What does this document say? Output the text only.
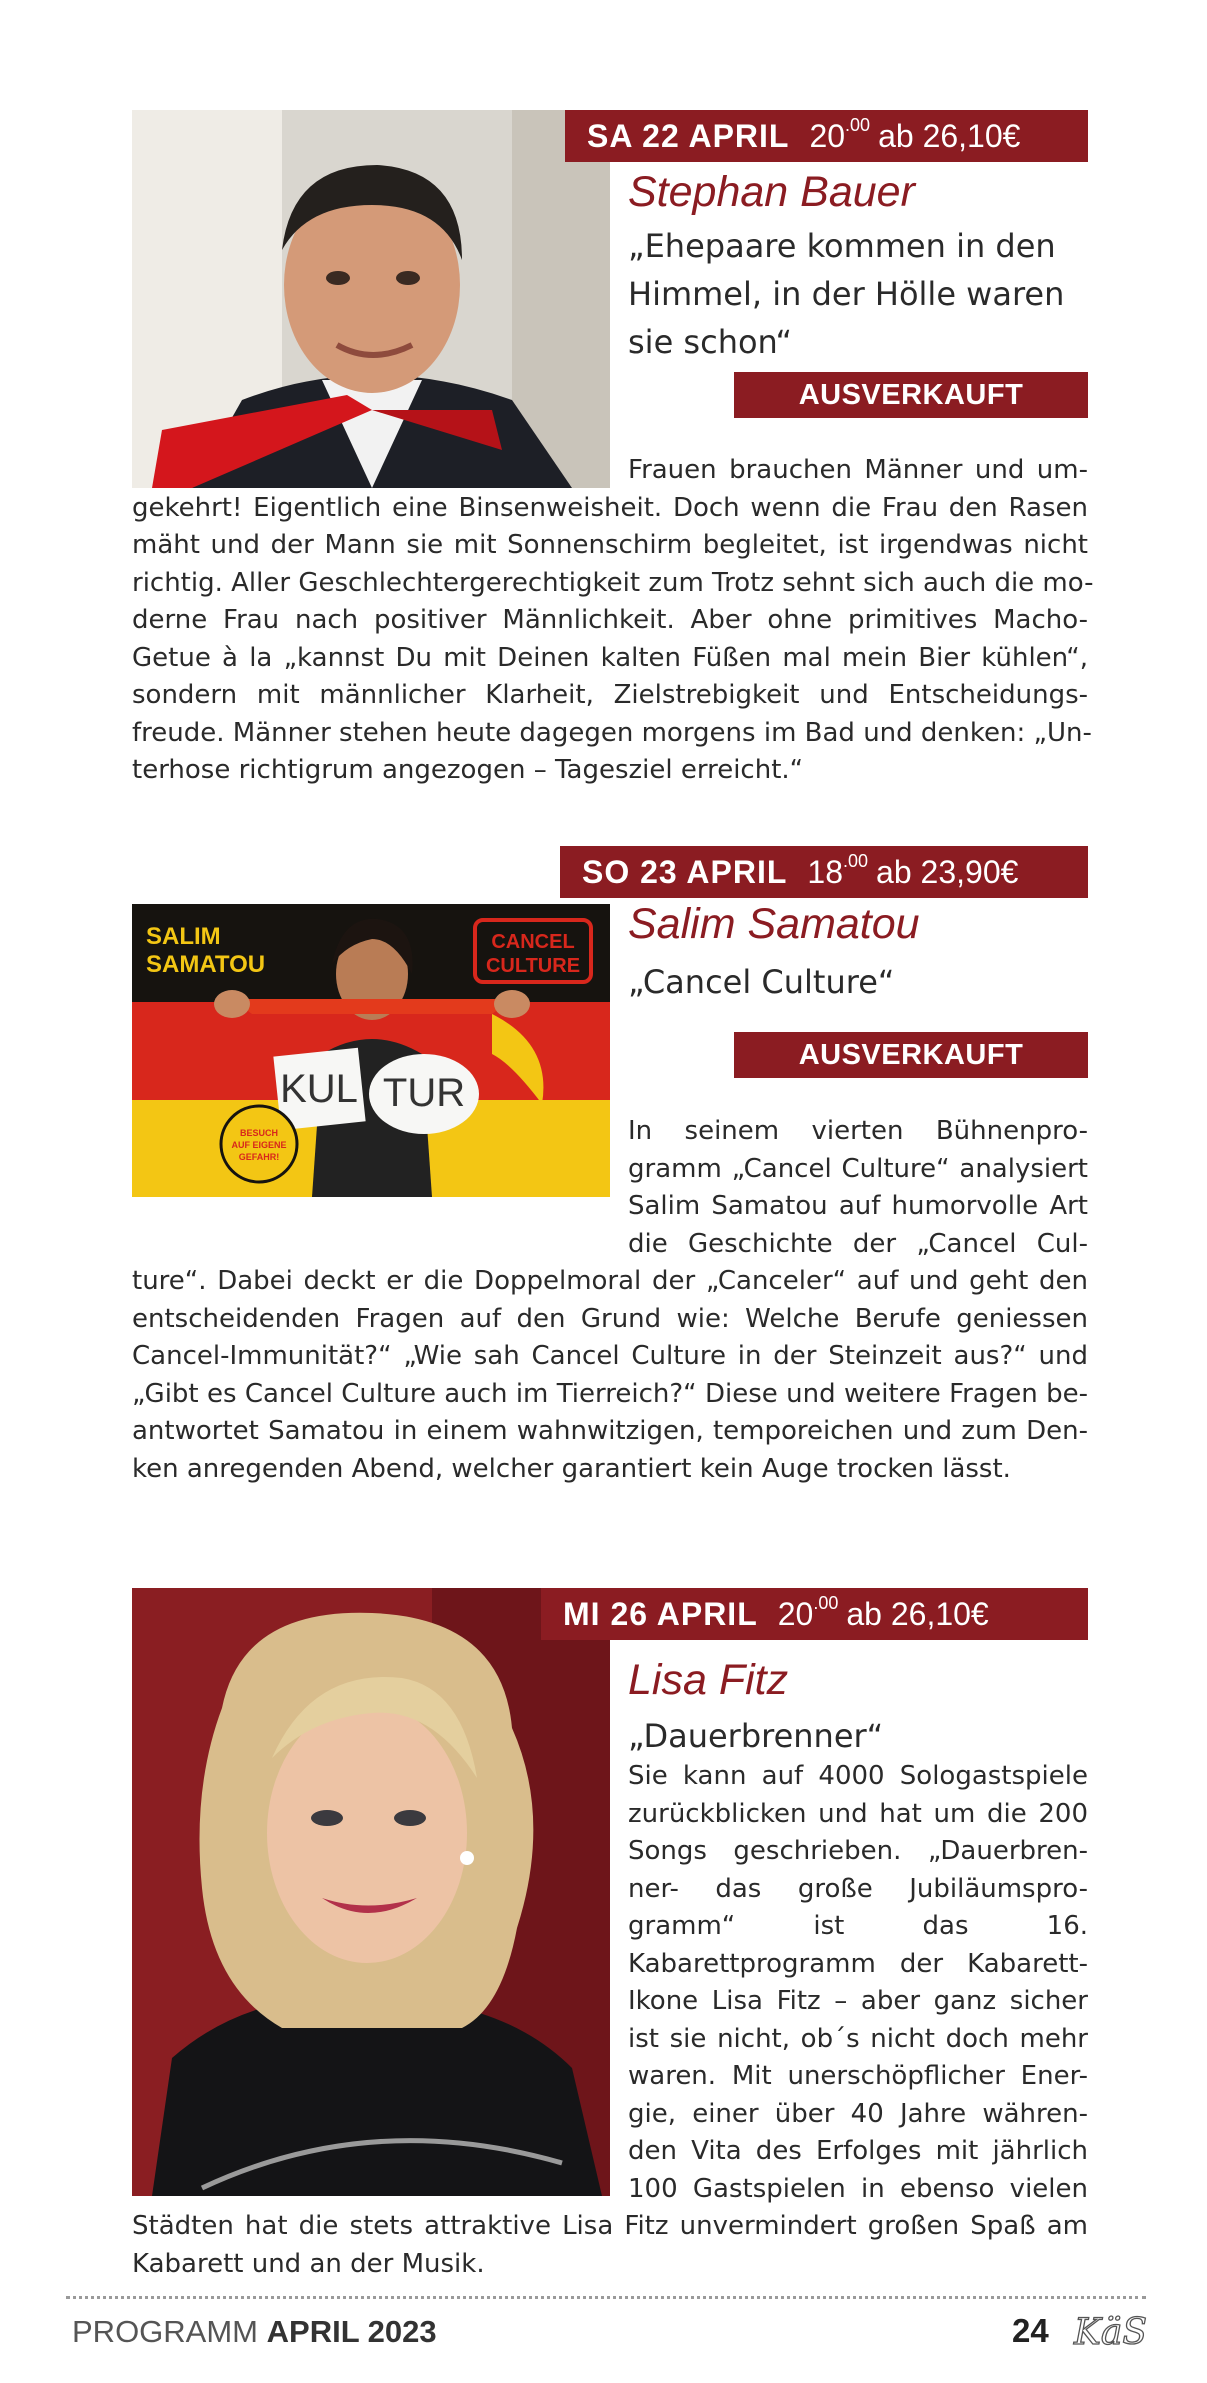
SA 22 APRIL $20^{.00}$ ab 26,10€
Stephan Bauer
„Ehepaare kommen in den
Himmel, in der Hölle waren
sie schon“
AUSVERKAUFT
Frauen brauchen Männer und um-
gekehrt! Eigentlich eine Binsenweisheit. Doch wenn die Frau den Rasen
mäht und der Mann sie mit Sonnenschirm begleitet, ist irgendwas nicht
richtig. Aller Geschlechtergerechtigkeit zum Trotz sehnt sich auch die mo-
derne Frau nach positiver Männlichkeit. Aber ohne primitives Macho-
Getue à la „kannst Du mit Deinen kalten Füßen mal mein Bier kühlen“,
sondern mit männlicher Klarheit, Zielstrebigkeit und Entscheidungs-
freude. Männer stehen heute dagegen morgens im Bad und denken: „Un-
terhose richtigrum angezogen – Tagesziel erreicht.“
SO 23 APRIL $18^{.00}$ ab 23,90€
KUL TUR
SALIM
SAMATOU
CANCEL
CULTURE
BESUCH
AUF EIGENE
GEFAHR!
Salim Samatou
„Cancel Culture“
AUSVERKAUFT
In seinem vierten Bühnenpro-
gramm „Cancel Culture“ analysiert
Salim Samatou auf humorvolle Art
die Geschichte der „Cancel Cul-
ture“. Dabei deckt er die Doppelmoral der „Canceler“ auf und geht den
entscheidenden Fragen auf den Grund wie: Welche Berufe geniessen
Cancel-Immunität?“ „Wie sah Cancel Culture in der Steinzeit aus?“ und
„Gibt es Cancel Culture auch im Tierreich?“ Diese und weitere Fragen be-
antwortet Samatou in einem wahnwitzigen, temporeichen und zum Den-
ken anregenden Abend, welcher garantiert kein Auge trocken lässt.
MI 26 APRIL $20^{.00}$ ab 26,10€
Lisa Fitz
„Dauerbrenner“
Sie kann auf 4000 Sologastspiele
zurückblicken und hat um die 200
Songs geschrieben. „Dauerbren-
ner- das große Jubiläumspro-
gramm“ ist das 16.
Kabarettprogramm der Kabarett-
Ikone Lisa Fitz – aber ganz sicher
ist sie nicht, ob´s nicht doch mehr
waren. Mit unerschöpflicher Ener-
gie, einer über 40 Jahre währen-
den Vita des Erfolges mit jährlich
100 Gastspielen in ebenso vielen
Städten hat die stets attraktive Lisa Fitz unvermindert großen Spaß am
Kabarett und an der Musik.
PROGRAMM APRIL 2023	24 KäS
